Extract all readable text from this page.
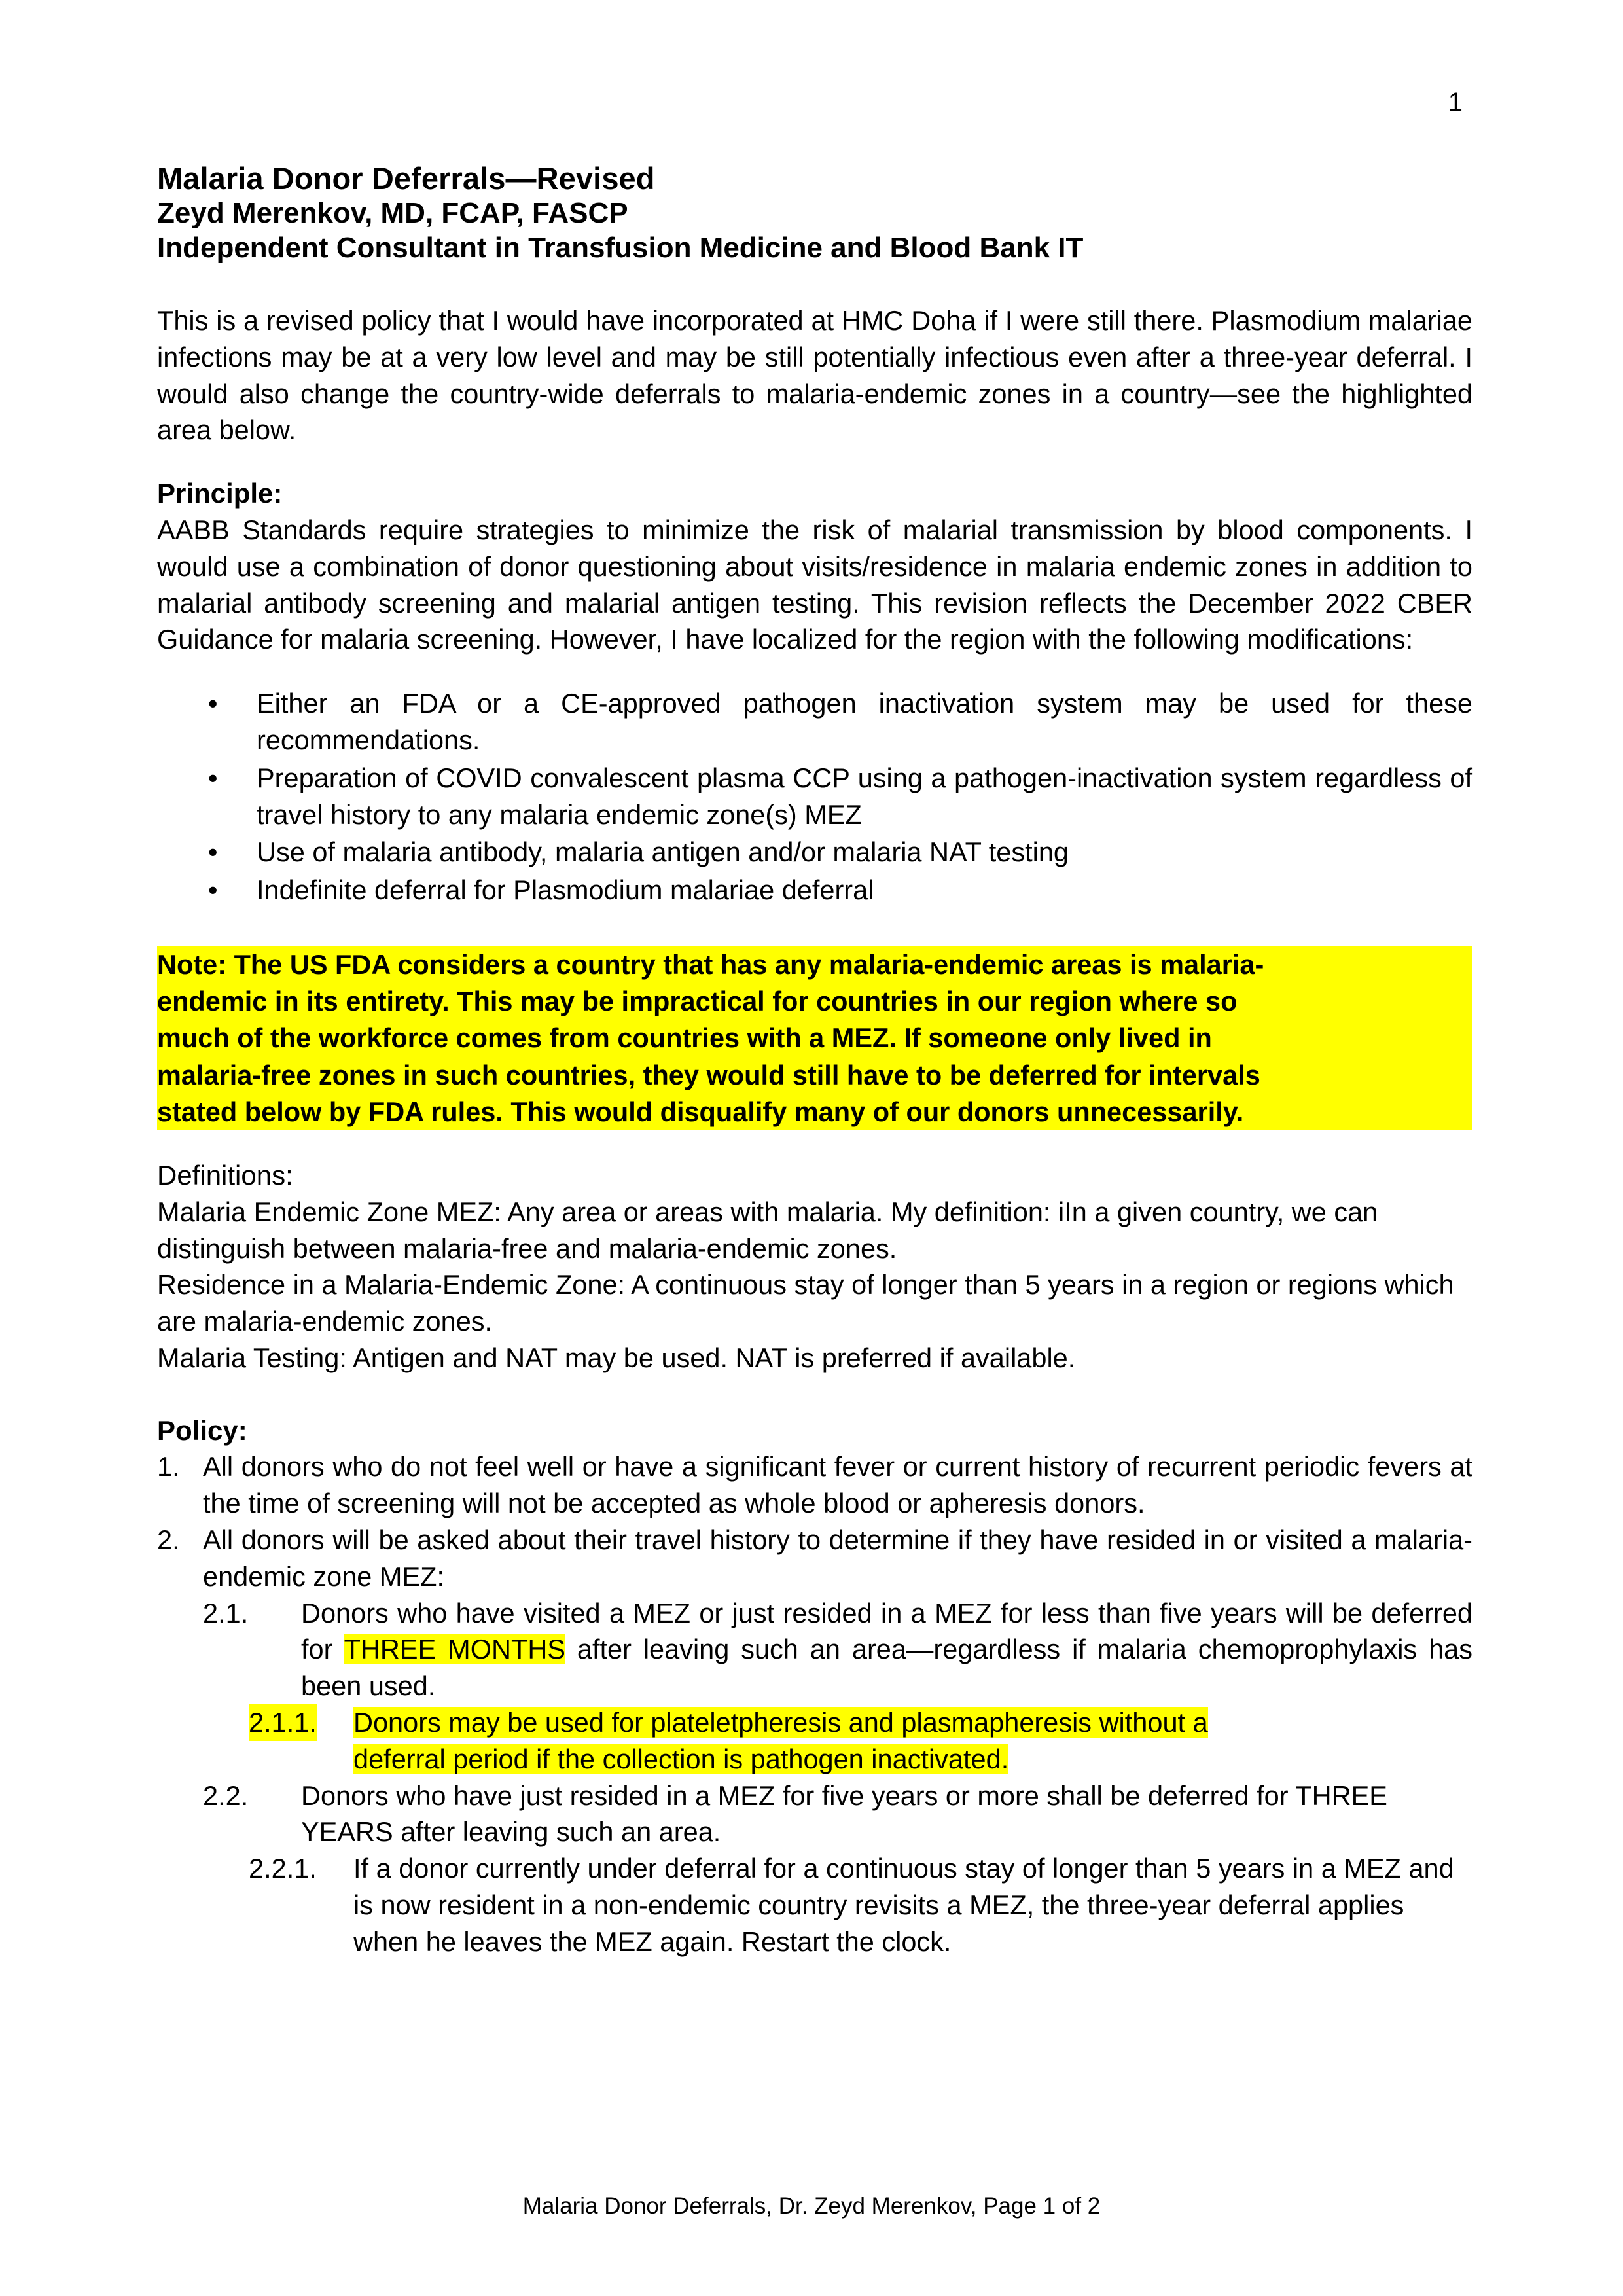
1
Malaria Donor Deferrals—Revised
Zeyd Merenkov, MD, FCAP, FASCP
Independent Consultant in Transfusion Medicine and Blood Bank IT

This is a revised policy that I would have incorporated at HMC Doha if I were still there. Plasmodium malariae infections may be at a very low level and may be still potentially infectious even after a three-year deferral. I would also change the country-wide deferrals to malaria-endemic zones in a country—see the highlighted area below.

Principle:

AABB Standards require strategies to minimize the risk of malarial transmission by blood components. I would use a combination of donor questioning about visits/residence in malaria endemic zones in addition to malarial antibody screening and malarial antigen testing. This revision reflects the December 2022 CBER Guidance for malaria screening. However, I have localized for the region with the following modifications:

• Either an FDA or a CE-approved pathogen inactivation system may be used for these recommendations.
• Preparation of COVID convalescent plasma CCP using a pathogen-inactivation system regardless of travel history to any malaria endemic zone(s) MEZ
• Use of malaria antibody, malaria antigen and/or malaria NAT testing
• Indefinite deferral for Plasmodium malariae deferral
Note: The US FDA considers a country that has any malaria-endemic areas is malaria-
endemic in its entirety. This may be impractical for countries in our region where so
much of the workforce comes from countries with a MEZ. If someone only lived in
malaria-free zones in such countries, they would still have to be deferred for intervals
stated below by FDA rules. This would disqualify many of our donors unnecessarily.
Definitions:

Malaria Endemic Zone MEZ: Any area or areas with malaria. My definition: iIn a given country, we can distinguish between malaria-free and malaria-endemic zones.

Residence in a Malaria-Endemic Zone: A continuous stay of longer than 5 years in a region or regions which are malaria-endemic zones.

Malaria Testing: Antigen and NAT may be used. NAT is preferred if available.

Policy:
1. All donors who do not feel well or have a significant fever or current history of recurrent periodic fevers at the time of screening will not be accepted as whole blood or apheresis donors.
2. All donors will be asked about their travel history to determine if they have resided in or visited a malaria-endemic zone MEZ:
2.1. Donors who have visited a MEZ or just resided in a MEZ for less than five years will be deferred for THREE MONTHS after leaving such an area—regardless if malaria chemoprophylaxis has been used.
2.1.1. Donors may be used for plateletpheresis and plasmapheresis without a
deferral period if the collection is pathogen inactivated.
2.2. Donors who have just resided in a MEZ for five years or more shall be deferred for THREE YEARS after leaving such an area.
2.2.1. If a donor currently under deferral for a continuous stay of longer than 5 years in a MEZ and is now resident in a non-endemic country revisits a MEZ, the three-year deferral applies when he leaves the MEZ again. Restart the clock.
Malaria Donor Deferrals, Dr. Zeyd Merenkov, Page 1 of 2
